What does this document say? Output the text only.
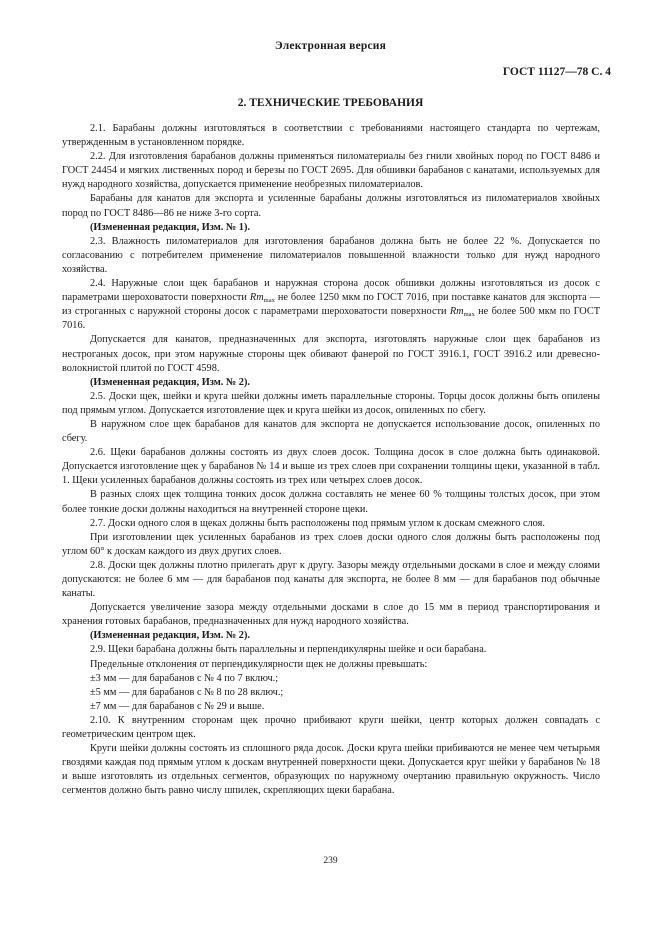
Электронная версия
ГОСТ 11127—78 С. 4
2. ТЕХНИЧЕСКИЕ ТРЕБОВАНИЯ

2.1. Барабаны должны изготовляться в соответствии с требованиями настоящего стандарта по чертежам, утвержденным в установленном порядке.

2.2. Для изготовления барабанов должны применяться пиломатериалы без гнили хвойных пород по ГОСТ 8486 и ГОСТ 24454 и мягких лиственных пород и березы по ГОСТ 2695. Для обшивки барабанов с канатами, используемых для нужд народного хозяйства, допускается применение необрезных пиломатериалов.

Барабаны для канатов для экспорта и усиленные барабаны должны изготовляться из пиломатериалов хвойных пород по ГОСТ 8486—86 не ниже 3-го сорта.

(Измененная редакция, Изм. № 1).

2.3. Влажность пиломатериалов для изготовления барабанов должна быть не более 22 %. Допускается по согласованию с потребителем применение пиломатериалов повышенной влажности только для нужд народного хозяйства.

2.4. Наружные слои щек барабанов и наружная сторона досок обшивки должны изготовляться из досок с параметрами шероховатости поверхности $Rm_{max}$ не более 1250 мкм по ГОСТ 7016, при поставке канатов для экспорта — из строганных с наружной стороны досок с параметрами шероховатости поверхности $Rm_{max}$ не более 500 мкм по ГОСТ 7016.

Допускается для канатов, предназначенных для экспорта, изготовлять наружные слои щек барабанов из нестроганых досок, при этом наружные стороны щек обивают фанерой по ГОСТ 3916.1, ГОСТ 3916.2 или древесно-волокнистой плитой по ГОСТ 4598.

(Измененная редакция, Изм. № 2).

2.5. Доски щек, шейки и круга шейки должны иметь параллельные стороны. Торцы досок должны быть опилены под прямым углом. Допускается изготовление щек и круга шейки из досок, опиленных по сбегу.

В наружном слое щек барабанов для канатов для экспорта не допускается использование досок, опиленных по сбегу.

2.6. Щеки барабанов должны состоять из двух слоев досок. Толщина досок в слое должна быть одинаковой. Допускается изготовление щек у барабанов № 14 и выше из трех слоев при сохранении толщины щеки, указанной в табл. 1. Щеки усиленных барабанов должны состоять из трех или четырех слоев досок.

В разных слоях щек толщина тонких досок должна составлять не менее 60 % толщины толстых досок, при этом более тонкие доски должны находиться на внутренней стороне щеки.

2.7. Доски одного слоя в щеках должны быть расположены под прямым углом к доскам смежного слоя.

При изготовлении щек усиленных барабанов из трех слоев доски одного слоя должны быть расположены под углом 60° к доскам каждого из двух других слоев.

2.8. Доски щек должны плотно прилегать друг к другу. Зазоры между отдельными досками в слое и между слоями допускаются: не более 6 мм — для барабанов под канаты для экспорта, не более 8 мм — для барабанов под обычные канаты.

Допускается увеличение зазора между отдельными досками в слое до 15 мм в период транспортирования и хранения готовых барабанов, предназначенных для нужд народного хозяйства.

(Измененная редакция, Изм. № 2).

2.9. Щеки барабана должны быть параллельны и перпендикулярны шейке и оси барабана.

Предельные отклонения от перпендикулярности щек не должны превышать:

±3 мм — для барабанов с № 4 по 7 включ.;

±5 мм — для барабанов с № 8 по 28 включ.;

±7 мм — для барабанов с № 29 и выше.

2.10. К внутренним сторонам щек прочно прибивают круги шейки, центр которых должен совпадать с геометрическим центром щек.

Круги шейки должны состоять из сплошного ряда досок. Доски круга шейки прибиваются не менее чем четырьмя гвоздями каждая под прямым углом к доскам внутренней поверхности щеки. Допускается круг шейки у барабанов № 18 и выше изготовлять из отдельных сегментов, образующих по наружному очертанию правильную окружность. Число сегментов должно быть равно числу шпилек, скрепляющих щеки барабана.

239
